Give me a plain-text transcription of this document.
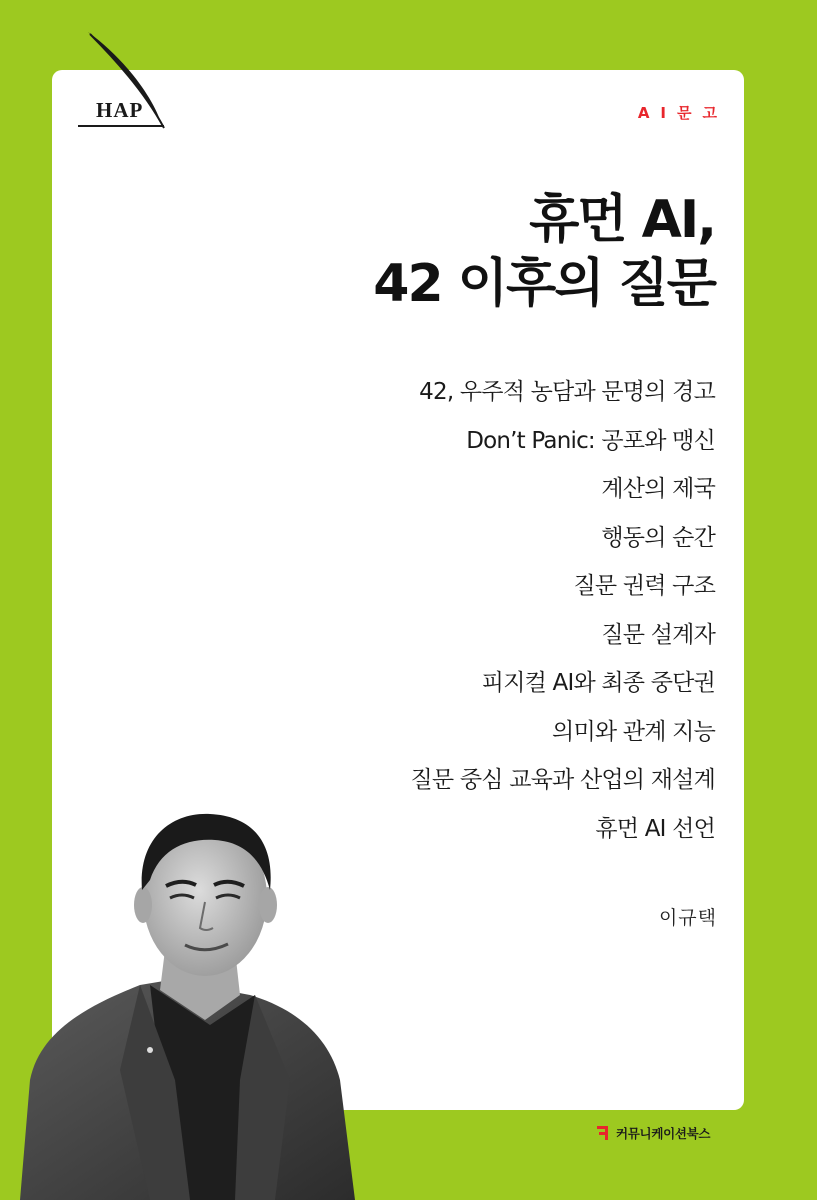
HAP	AI문고
휴먼 AI,
42 이후의 질문
42, 우주적 농담과 문명의 경고
Don’t Panic: 공포와 맹신
계산의 제국
행동의 순간
질문 권력 구조
질문 설계자
피지컬 AI와 최종 중단권
의미와 관계 지능
질문 중심 교육과 산업의 재설계
휴먼 AI 선언
이규택
커뮤니케이션북스
